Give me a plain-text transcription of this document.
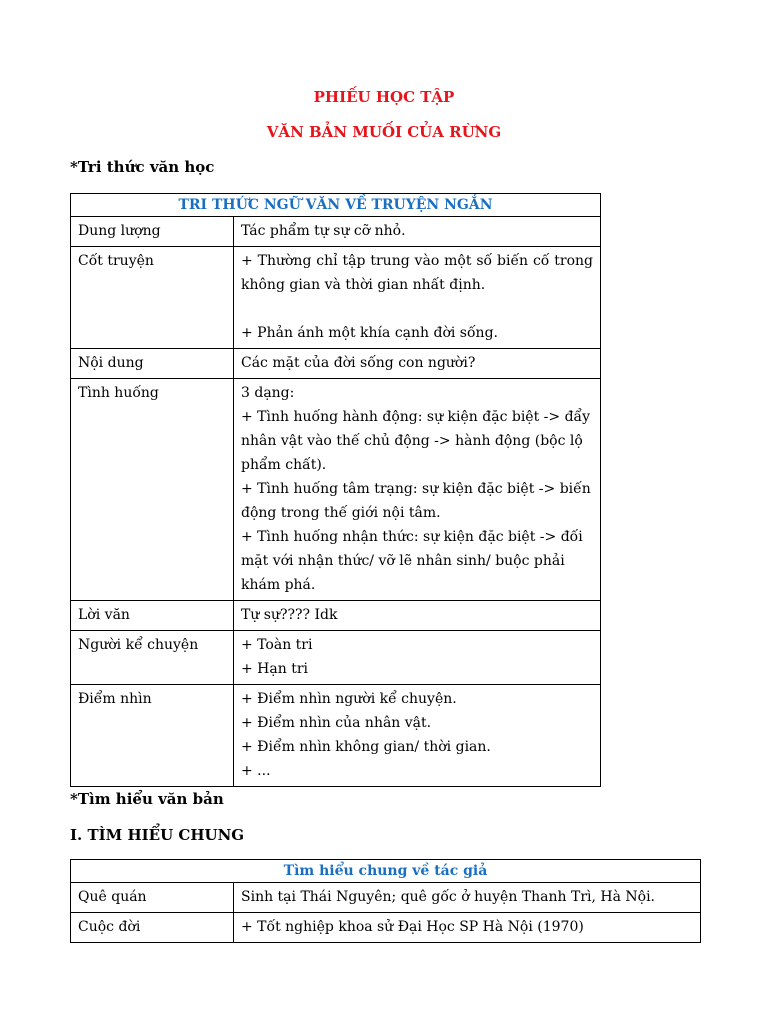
PHIẾU HỌC TẬP
VĂN BẢN MUỐI CỦA RỪNG
*Tri thức văn học
TRI THỨC NGỮ VĂN VỀ TRUYỆN NGẮN	
Dung lượng	Tác phẩm tự sự cỡ nhỏ.

Cốt truyện	+ Thường chỉ tập trung vào một số biến cố trong không gian và thời gian nhất định.
+ Phản ánh một khía cạnh đời sống.

Nội dung	Các mặt của đời sống con người?

Tình huống	3 dạng:
+ Tình huống hành động: sự kiện đặc biệt -> đẩy nhân vật vào thế chủ động -> hành động (bộc lộ phẩm chất).
+ Tình huống tâm trạng: sự kiện đặc biệt -> biến động trong thế giới nội tâm.
+ Tình huống nhận thức: sự kiện đặc biệt -> đối mặt với nhận thức/ vỡ lẽ nhân sinh/ buộc phải khám phá.

Lời văn	Tự sự???? Idk

Người kể chuyện	+ Toàn tri
+ Hạn tri

Điểm nhìn	+ Điểm nhìn người kể chuyện.
+ Điểm nhìn của nhân vật.
+ Điểm nhìn không gian/ thời gian.
+ ...
*Tìm hiểu văn bản
I. TÌM HIỂU CHUNG
Tìm hiểu chung về tác giả	
Quê quán	Sinh tại Thái Nguyên; quê gốc ở huyện Thanh Trì, Hà Nội.

Cuộc đời	+ Tốt nghiệp khoa sử Đại Học SP Hà Nội (1970)
